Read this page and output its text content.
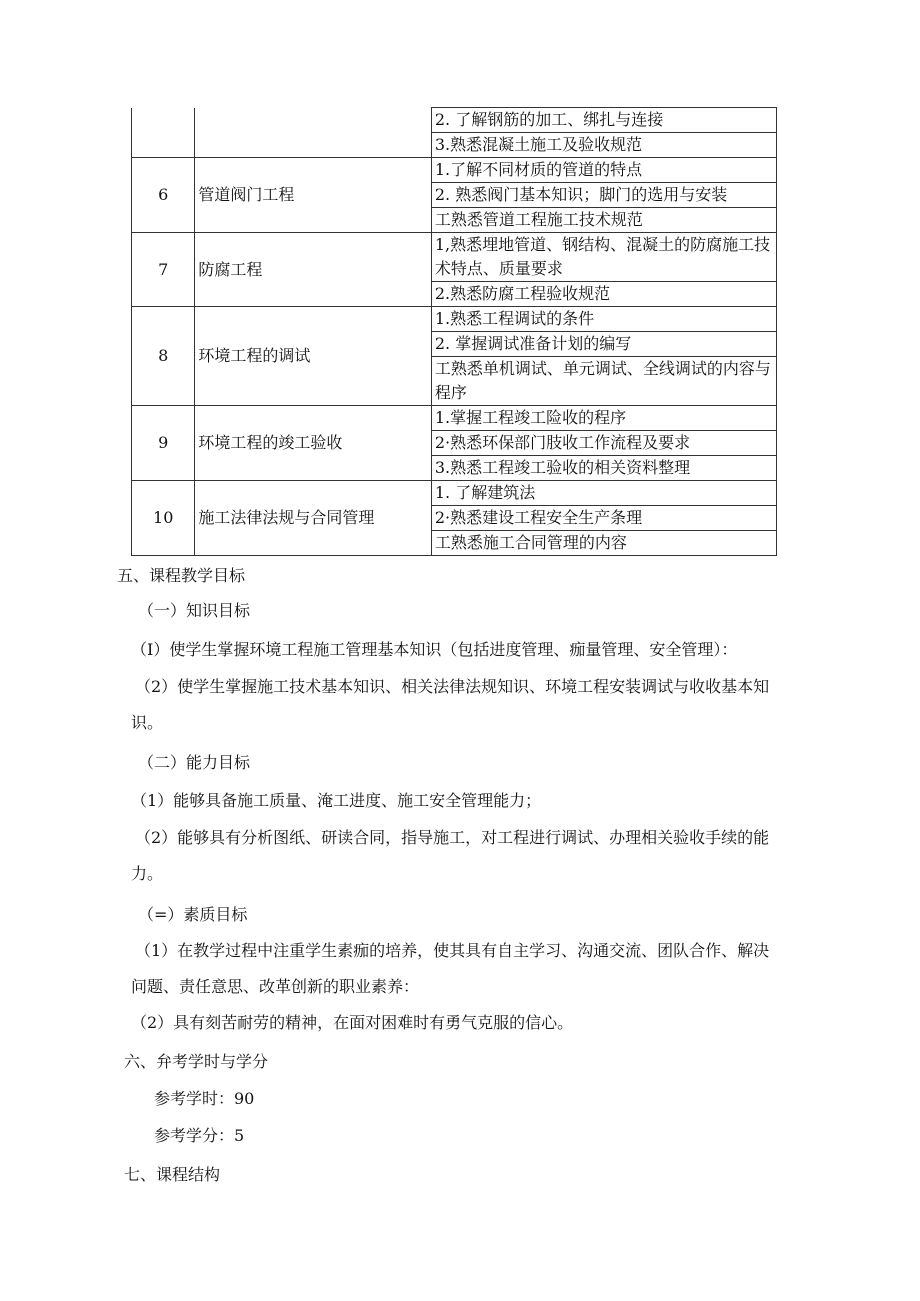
		2. 了解钢筋的加工、绑扎与连接
		3.熟悉混凝土施工及验收规范
6	管道阀门工程	1.了解不同材质的管道的特点
		2. 熟悉阀门基本知识；脚门的选用与安装
		工熟悉管道工程施工技术规范
7	防腐工程	1,熟悉埋地管道、钢结构、混凝土的防腐施工技术特点、质量要求
		2.熟悉防腐工程验收规范
8	环境工程的调试	1.熟悉工程调试的条件
		2. 掌握调试准备计划的编写
		工熟悉单机调试、单元调试、全线调试的内容与程序
9	环境工程的竣工验收	1.掌握工程竣工险收的程序
		2·熟悉环保部门肢收工作流程及要求
		3.熟悉工程竣工验收的相关资料整理
10	施工法律法规与合同管理	1. 了解建筑法
		2·熟悉建设工程安全生产条理
		工熟悉施工合同管理的内容
五、课程教学目标
（一）知识目标
（I）使学生掌握环境工程施工管理基本知识（包括进度管理、痂量管理、安全管理）：
（2）使学生掌握施工技术基本知识、相关法律法规知识、环境工程安装调试与收收基本知识。
（二）能力目标
（1）能够具备施工质量、淹工进度、施工安全管理能力；
（2）能够具有分析图纸、研读合同，指导施工，对工程进行调试、办理相关验收手续的能力。
（=）素质目标
（1）在教学过程中注重学生素痂的培养，使其具有自主学习、沟通交流、团队合作、解决问题、责任意思、改革创新的职业素养：
（2）具有刻苦耐劳的精神，在面对困难时有勇气克服的信心。
六、弁考学时与学分
参考学时：90
参考学分：5
七、课程结构
